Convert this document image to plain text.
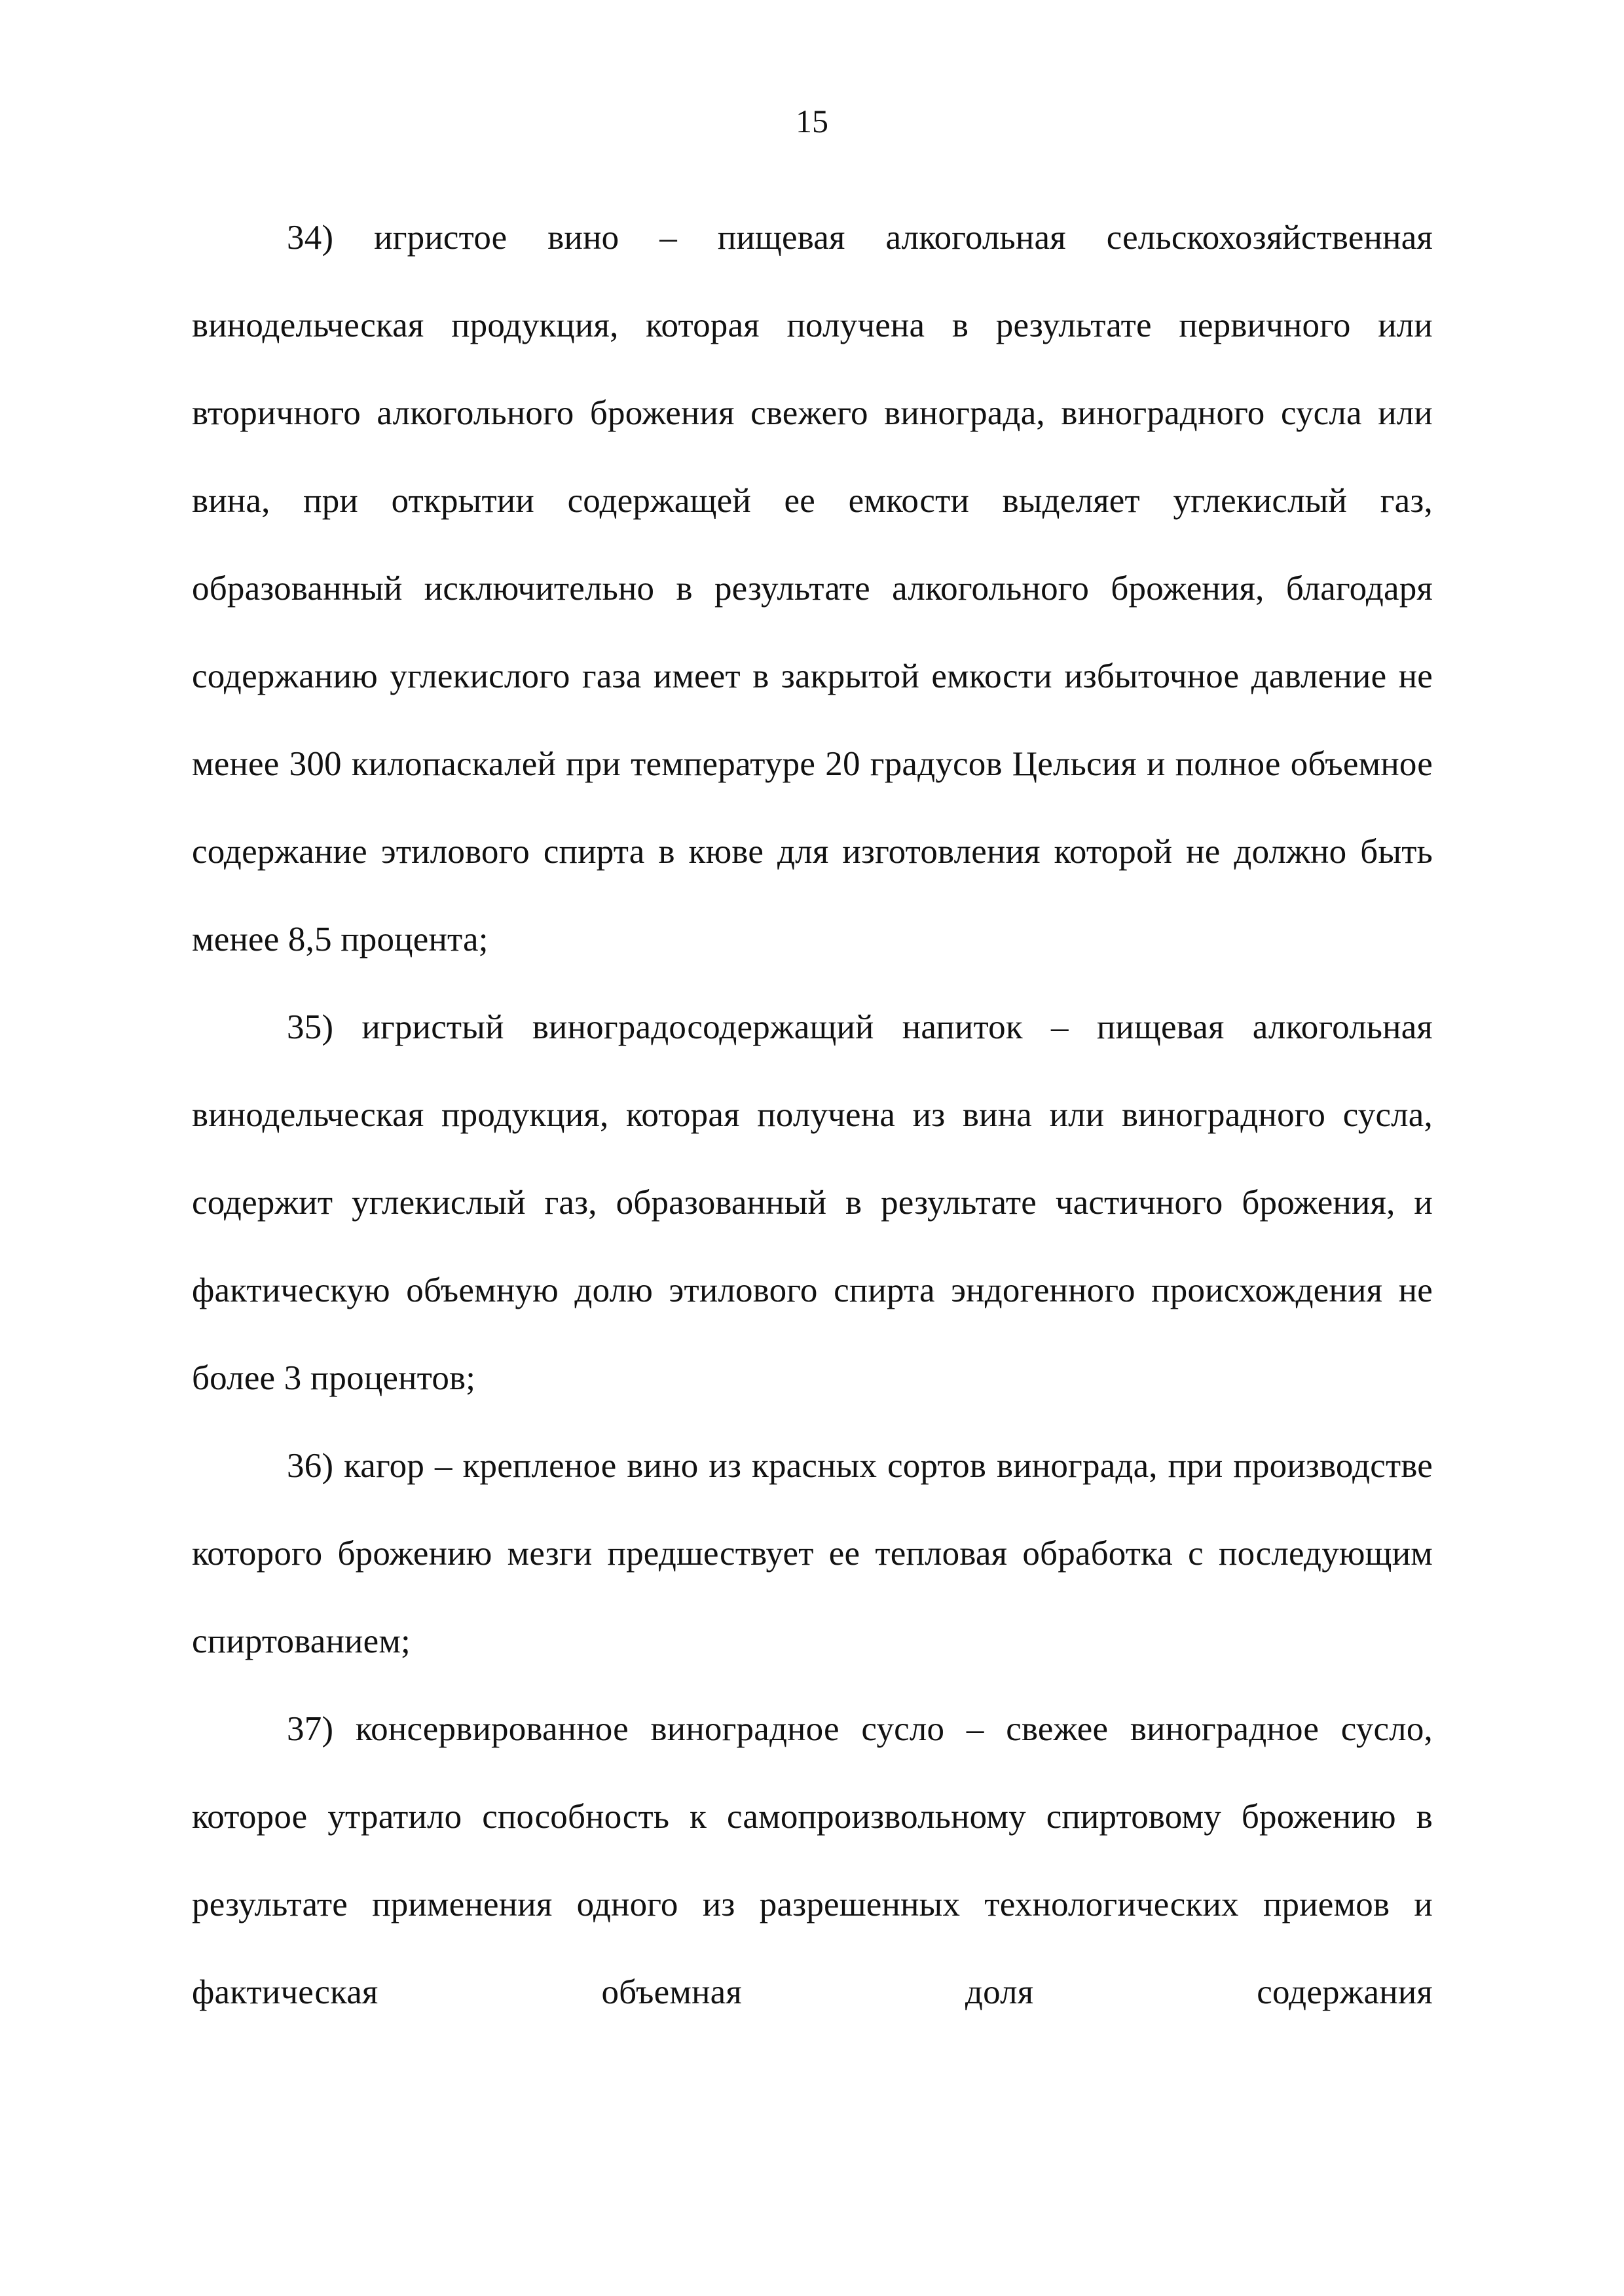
15

34) игристое вино – пищевая алкогольная сельскохозяйственная винодельческая продукция, которая получена в результате первичного или вторичного алкогольного брожения свежего винограда, виноградного сусла или вина, при открытии содержащей ее емкости выделяет углекислый газ, образованный исключительно в результате алкогольного брожения, благодаря содержанию углекислого газа имеет в закрытой емкости избыточное давление не менее 300 килопаскалей при температуре 20 градусов Цельсия и полное объемное содержание этилового спирта в кюве для изготовления которой не должно быть менее 8,5 процента;

35) игристый виноградосодержащий напиток – пищевая алкогольная винодельческая продукция, которая получена из вина или виноградного сусла, содержит углекислый газ, образованный в результате частичного брожения, и фактическую объемную долю этилового спирта эндогенного происхождения не более 3 процентов;

36) кагор – крепленое вино из красных сортов винограда, при производстве которого брожению мезги предшествует ее тепловая обработка с последующим спиртованием;

37) консервированное виноградное сусло – свежее виноградное сусло, которое утратило способность к самопроизвольному спиртовому брожению в результате применения одного из разрешенных технологических приемов и фактическая объемная доля содержания
